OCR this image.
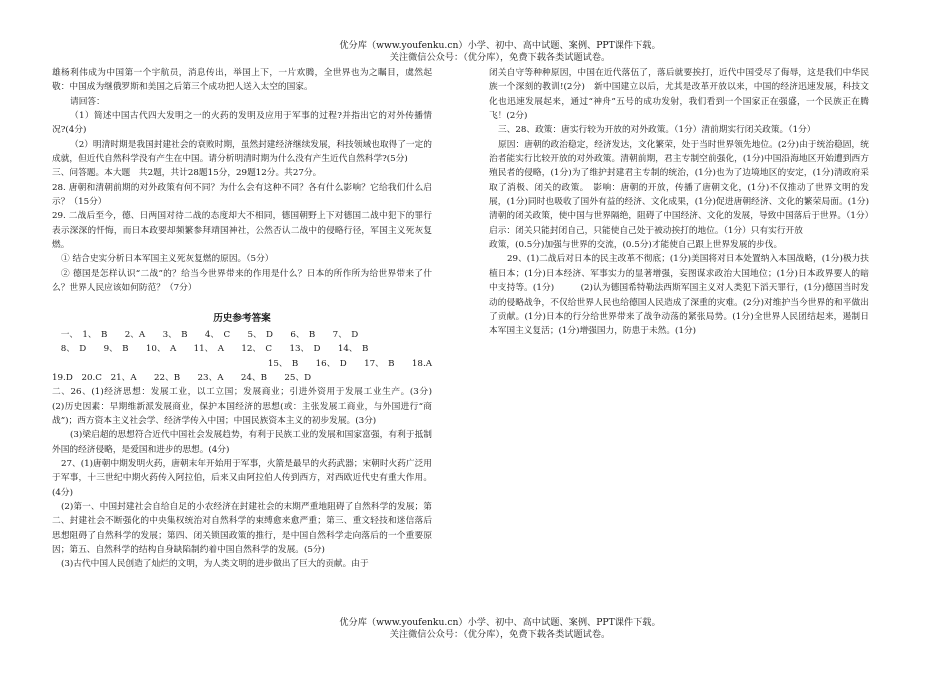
优分库（www.youfenku.cn）小学、初中、高中试题、案例、PPT课件下载。
关注微信公众号：（优分库），免费下载各类试题试卷。

雄杨利伟成为中国第一个宇航员，消息传出，举国上下，一片欢腾，全世界也为之瞩目，虞然起敬：中国成为继俄罗斯和美国之后第三个成功把人送入太空的国家。

请回答：

（1）简述中国古代四大发明之一的火药的发明及应用于军事的过程?并指出它的对外传播情况?(4分)

（2）明清时期是我国封建社会的衰败时期，虽然封建经济继续发展，科技领域也取得了一定的成就，但近代自然科学没有产生在中国。请分析明清时期为什么没有产生近代自然科学?(5分)

三、问答题。本大题　共2题，共计28题15分，29题12分。共27分。

28. 唐朝和清朝前期的对外政策有何不同？为什么会有这种不同？各有什么影响？它给我们什么启示？（15分）

29. 二战后至今，德、日两国对待二战的态度却大不相同，德国朝野上下对德国二战中犯下的罪行表示深深的忏悔，而日本政要却频繁参拜靖国神社，公然否认二战中的侵略行径，军国主义死灰复燃。

① 结合史实分析日本军国主义死灰复燃的原因。（5分）

② 德国是怎样认识“二战”的？给当今世界带来的作用是什么？日本的所作所为给世界带来了什么？世界人民应该如何防范？（7分）

历史参考答案

　一、　1、　B　　2、A　　3、　B　　4、　C　　5、　D　　6、　B　　7、　D

　8、　D　　9、　B　　10、　A　　11、　A　　12、　C　　13、　D　　14、　B

　15、　B　　16、　D　　17、　B　　18.A

19.D　20.C　21、A　　22、B　　23、A　　24、B　　25、D

二、26、(1)经济思想：发展工业，以工立国；发展商业；引进外资用于发展工业生产。(3分)　　(2)历史因素：早期维新派发展商业，保护本国经济的思想(或：主张发展工商业，与外国进行“商战”)；西方资本主义社会学、经济学传入中国；中国民族资本主义的初步发展。(3分)

(3)梁启超的思想符合近代中国社会发展趋势，有利于民族工业的发展和国家富强，有利于抵制外国的经济侵略，是爱国和进步的思想。(4分)

27、(1)唐朝中期发明火药，唐朝末年开始用于军事，火箭是最早的火药武器；宋朝时火药广泛用于军事，十三世纪中期火药传入阿拉伯，后来又由阿拉伯人传到西方，对西欧近代史有重大作用。(4分)

(2)第一、中国封建社会自给自足的小农经济在封建社会的末期严重地阻碍了自然科学的发展；第二、封建社会不断强化的中央集权统治对自然科学的束缚愈来愈严重；第三、重文轻技和迷信落后思想阻碍了自然科学的发展；第四、闭关锁国政策的推行，是中国自然科学走向落后的一个重要原因；第五、自然科学的结构自身缺陷制约着中国自然科学的发展。(5分)

(3)古代中国人民创造了灿烂的文明，为人类文明的进步做出了巨大的贡献。由于

闭关自守等种种原因，中国在近代落伍了，落后就要挨打，近代中国受尽了侮辱，这是我们中华民族一个深刻的教训!(2分)　新中国建立以后，尤其是改革开放以来，中国的经济迅速发展，科技文化也迅速发展起来，通过“神舟”五号的成功发射，我们看到一个国家正在强盛，一个民族正在腾飞！(2分)

三、28、政策：唐实行较为开放的对外政策。（1分）清前期实行闭关政策。（1分）

原因：唐朝的政治稳定，经济发达，文化繁荣，处于当时世界领先地位。(2分)由于统治稳固，统治者能实行比较开放的对外政策。清朝前期，君主专制空前强化，(1分)中国沿海地区开始遭到西方殖民者的侵略，(1分)为了维护封建君主专制的统治，(1分)也为了边境地区的安定，(1分)清政府采取了消极、闭关的政策。　影响：唐朝的开放，传播了唐朝文化，(1分)不仅推动了世界文明的发展，(1分)同时也吸收了国外有益的经济、文化成果，(1分)促进唐朝经济、文化的繁荣局面。(1分)清朝的闭关政策，使中国与世界隔绝，阻碍了中国经济、文化的发展，导致中国落后于世界。（1分）　启示：闭关只能封闭自己，只能使自己处于被动挨打的地位。（1分）只有实行开放

政策，(0.5分)加强与世界的交流，(0.5分)才能使自己跟上世界发展的步伐。

29、(1)二战后对日本的民主改革不彻底；(1分)美国将对日本处置纳入本国战略，(1分)极力扶植日本；(1分)日本经济、军事实力的显著增强，妄图谋求政治大国地位；(1分)日本政界要人的暗中支持等。(1分)　　　(2)认为德国希特勒法西斯军国主义对人类犯下滔天罪行，(1分)德国当时发动的侵略战争，不仅给世界人民也给德国人民造成了深重的灾难。(2分)对维护当今世界的和平做出了贡献。(1分)日本的行分给世界带来了战争动荡的紧张局势。(1分)全世界人民团结起来，遏制日本军国主义复活；(1分)增强国力，防患于未然。(1分)

优分库（www.youfenku.cn）小学、初中、高中试题、案例、PPT课件下载。
关注微信公众号：（优分库），免费下载各类试题试卷。
